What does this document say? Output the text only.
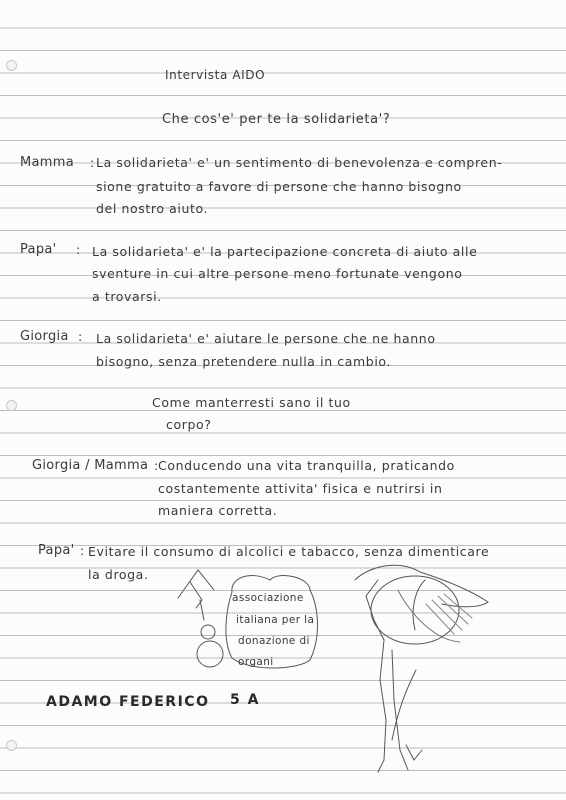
Intervista AIDO
Che cos'e' per te la solidarieta'?
Mamma : La solidarieta' e' un sentimento di benevolenza e compren-
sione gratuito a favore di persone che hanno bisogno
del nostro aiuto.
Papa' : La solidarieta' e' la partecipazione concreta di aiuto alle
sventure in cui altre persone meno fortunate vengono
a trovarsi.
Giorgia : La solidarieta' e' aiutare le persone che ne hanno
bisogno, senza pretendere nulla in cambio.
Come manterresti sano il tuo
corpo?
Giorgia / Mamma : Conducendo una vita tranquilla, praticando
costantemente attivita' fisica e nutrirsi in
maniera corretta.
Papa' : Evitare il consumo di alcolici e tabacco, senza dimenticare
la droga.
associazione
italiana per la
donazione di
organi
ADAMO FEDERICO 5 A
